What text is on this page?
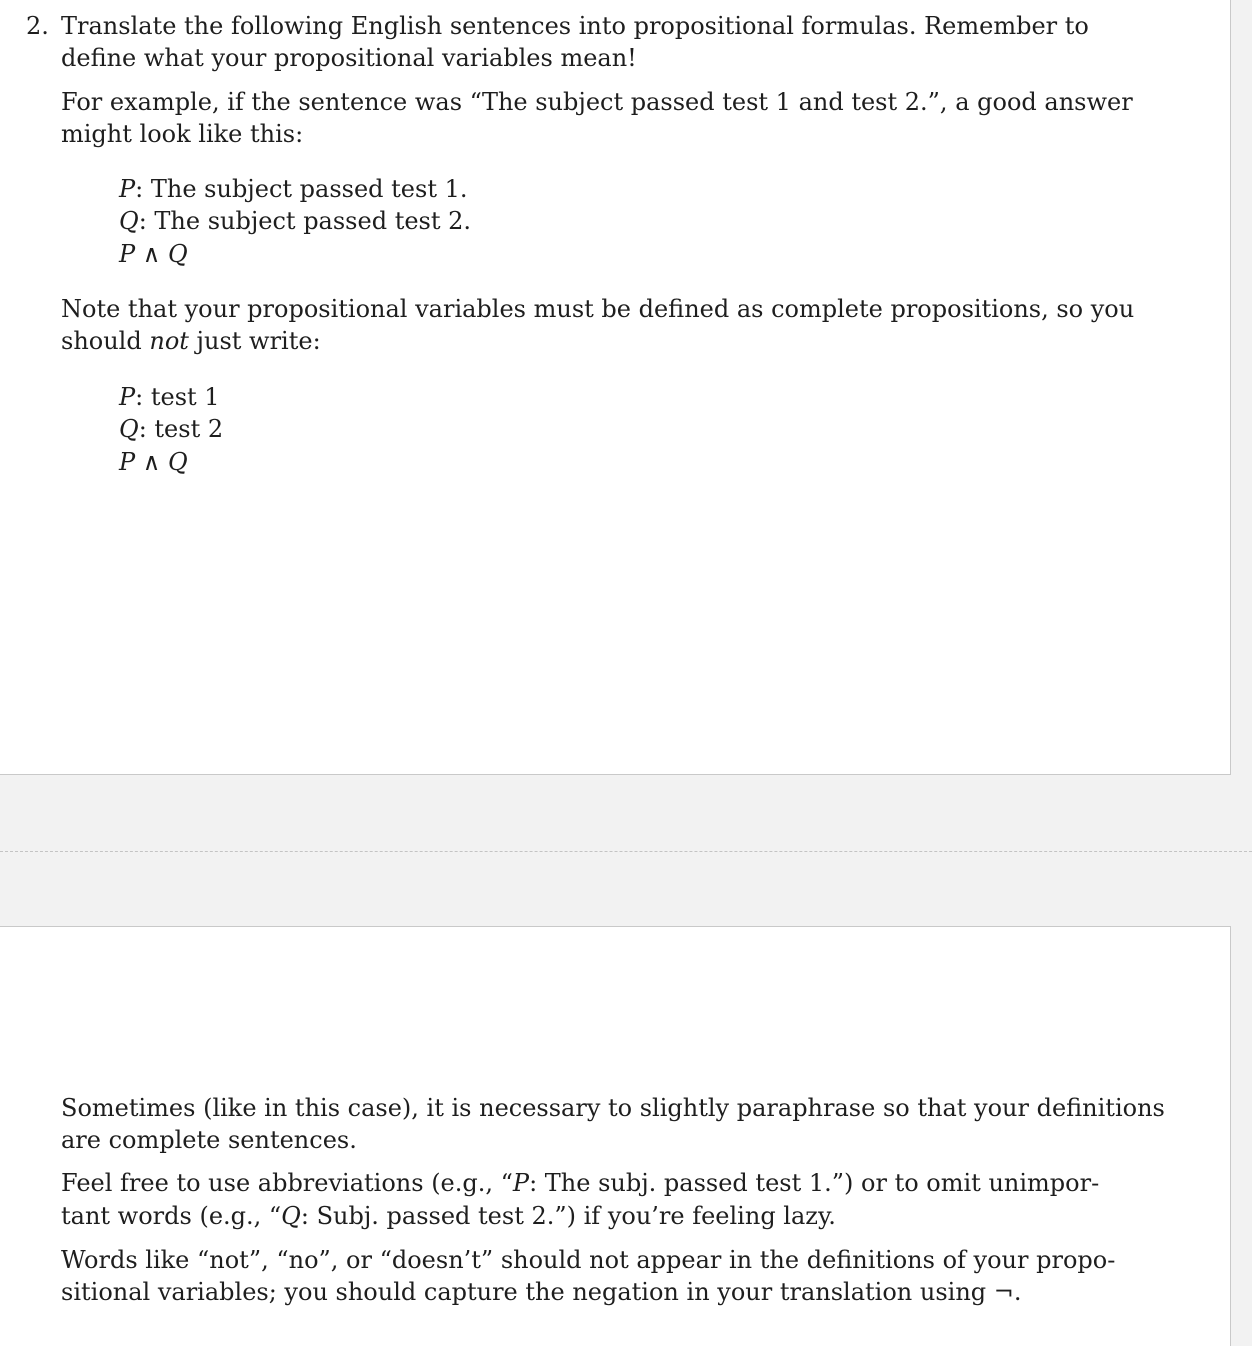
2. Translate the following English sentences into propositional formulas. Remember to
define what your propositional variables mean!
For example, if the sentence was “The subject passed test 1 and test 2.”, a good answer
might look like this:
P: The subject passed test 1.
Q: The subject passed test 2.
P ∧ Q
Note that your propositional variables must be defined as complete propositions, so you
should not just write:
P: test 1
Q: test 2
P ∧ Q
Sometimes (like in this case), it is necessary to slightly paraphrase so that your definitions
are complete sentences.
Feel free to use abbreviations (e.g., “P: The subj. passed test 1.”) or to omit unimpor-
tant words (e.g., “Q: Subj. passed test 2.”) if you’re feeling lazy.
Words like “not”, “no”, or “doesn’t” should not appear in the definitions of your propo-
sitional variables; you should capture the negation in your translation using ¬.
